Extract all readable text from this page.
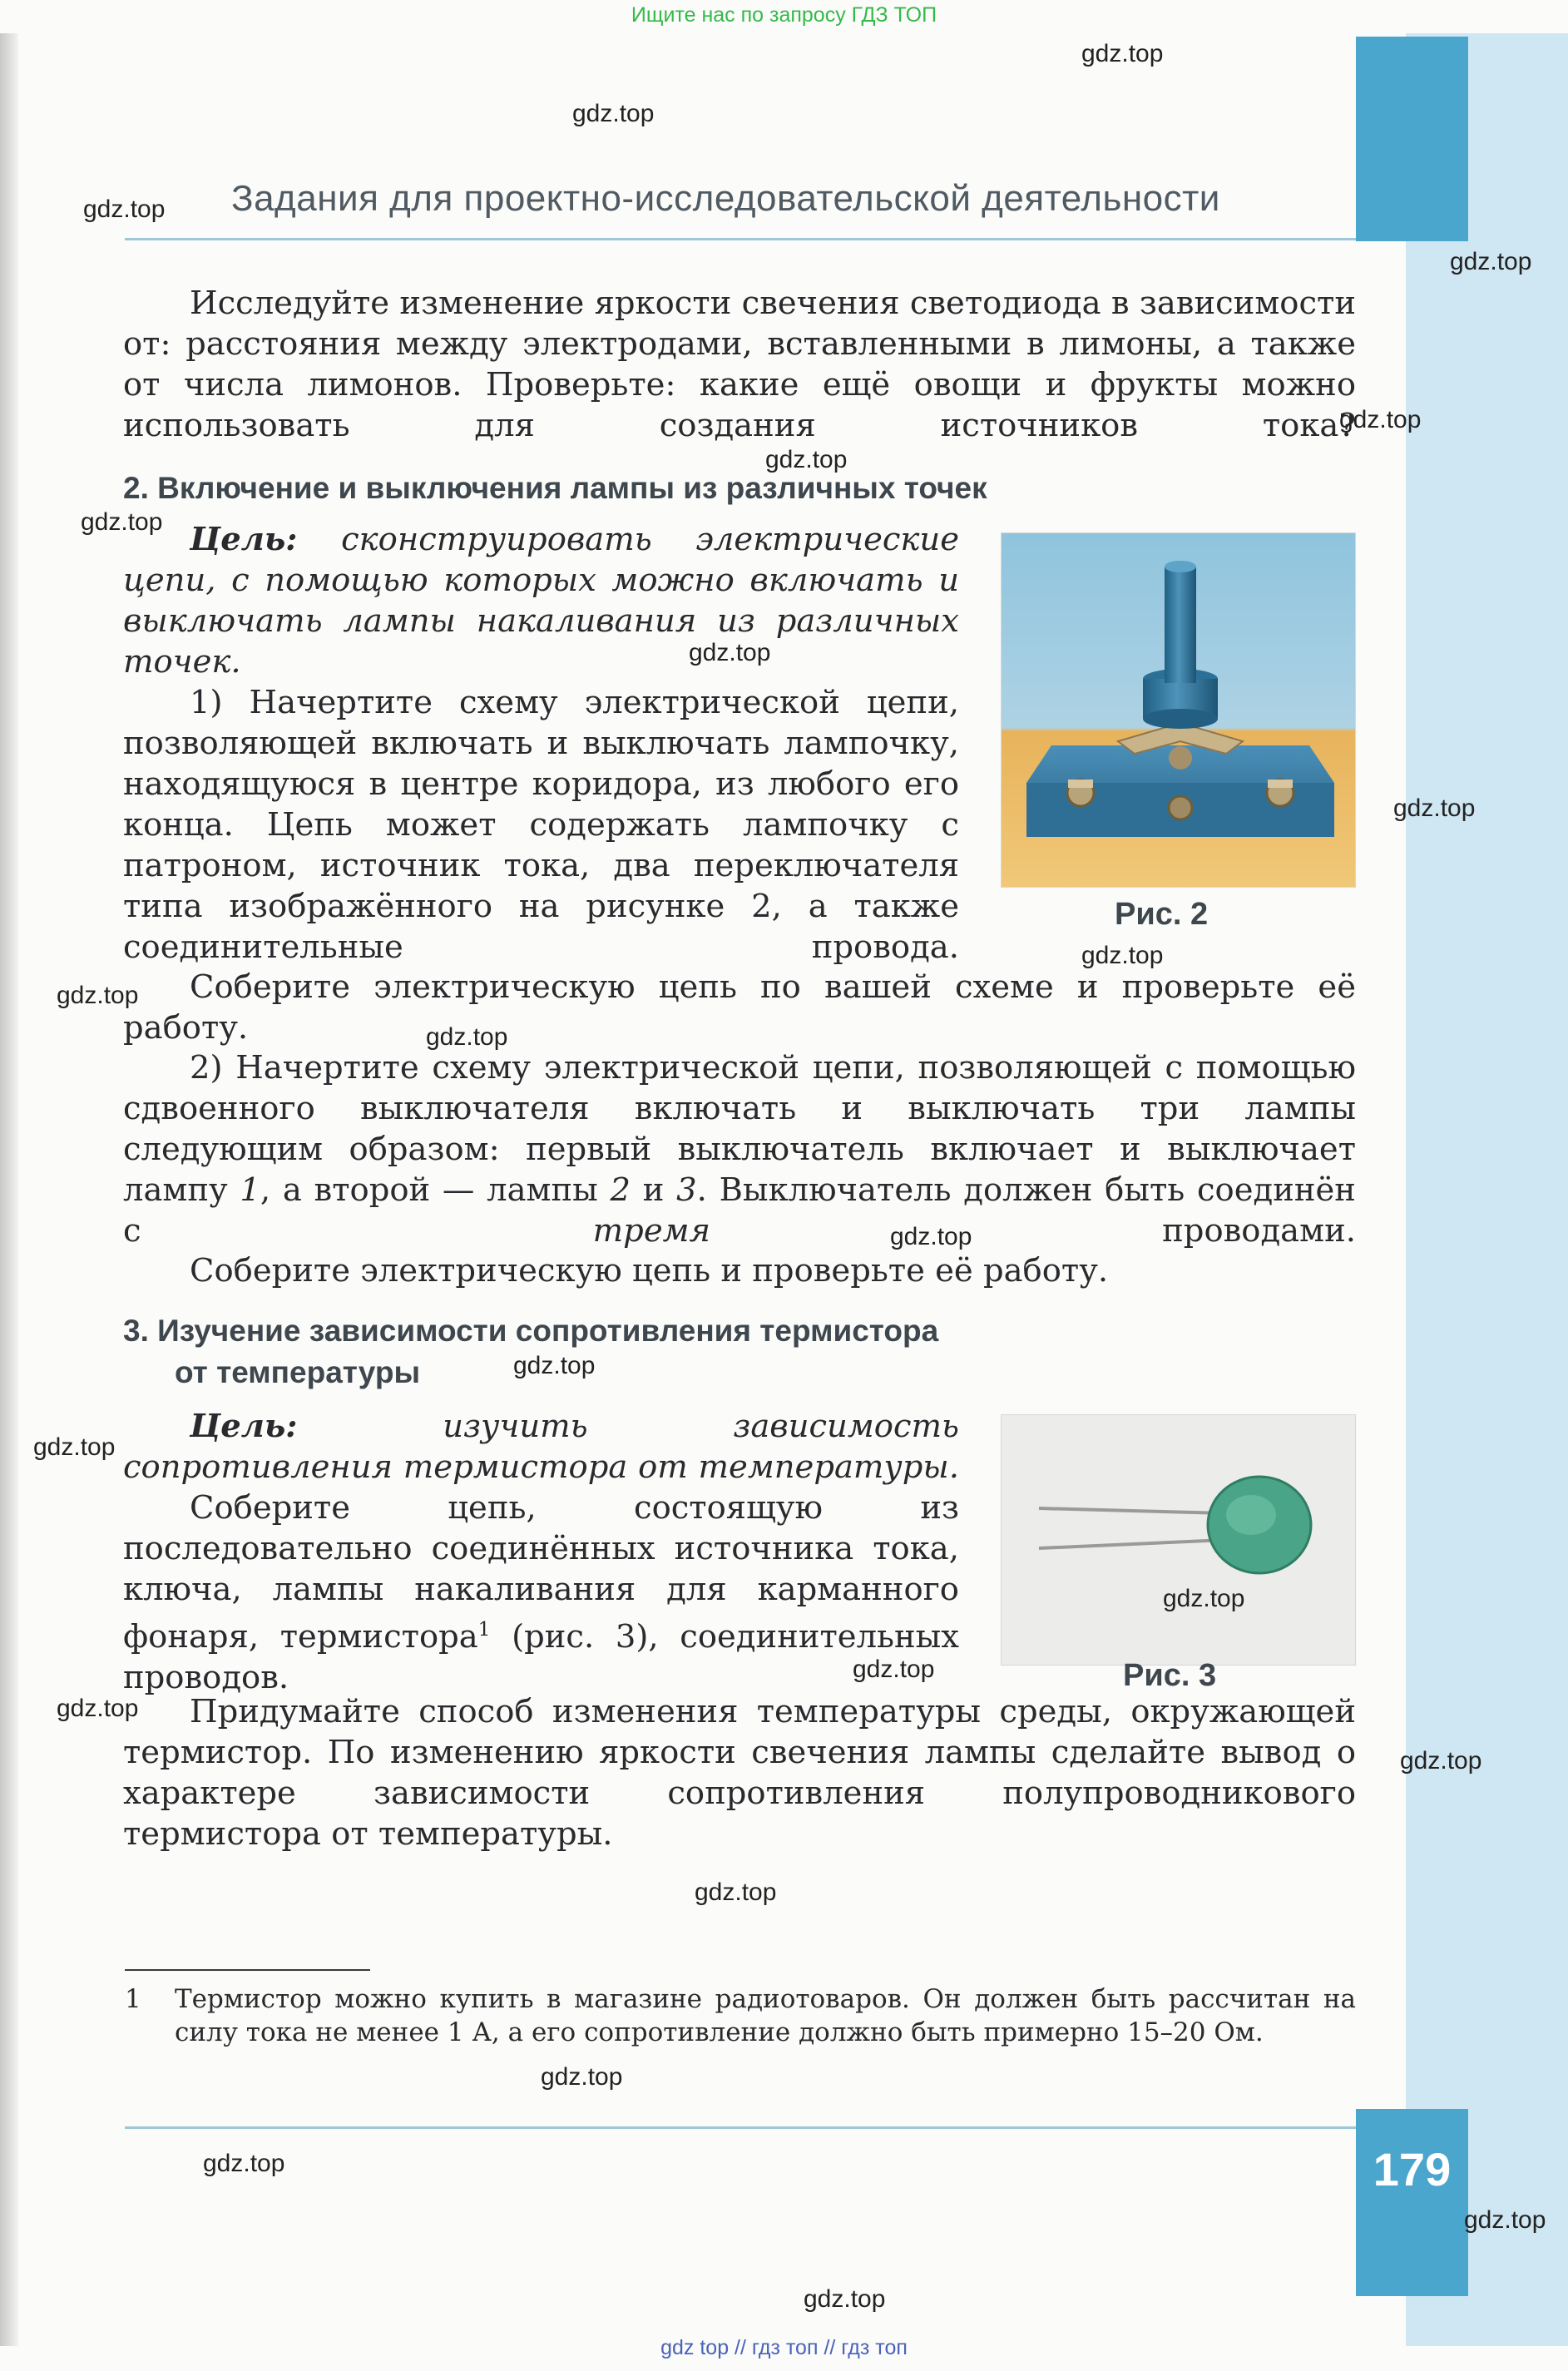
Ищите нас по запросу ГДЗ ТОП
gdz top // гдз топ // гдз топ
Задания для проектно-исследовательской деятельности
179
Исследуйте изменение яркости свечения светодиода в зависимости от: расстояния между электродами, вставленными в лимоны, а также от числа лимонов. Проверьте: какие ещё овощи и фрукты можно использовать для создания источников тока?
2. Включение и выключения лампы из различных точек
Цель: сконструировать электрические цепи, с помощью которых можно включать и выключать лампы накаливания из различных точек.
1) Начертите схему электрической цепи, позволяющей включать и выключать лампочку, находящуюся в центре коридора, из любого его конца. Цепь может содержать лампочку с патроном, источник тока, два переключателя типа изображённого на рисунке 2, а также соединительные провода.
Рис. 2
Соберите электрическую цепь по вашей схеме и проверьте её работу.
2) Начертите схему электрической цепи, позволяющей с помощью сдвоенного выключателя включать и выключать три лампы следующим образом: первый выключатель включает и выключает лампу 1, а второй — лампы 2 и 3. Выключатель должен быть соединён с	тремя	проводами.
Соберите электрическую цепь и проверьте её работу.
3. Изучение зависимости сопротивления термистора
от температуры
Цель:	изучить зависимость сопротивления термистора от температуры.
Соберите цепь, состоящую из последовательно соединённых источника тока, ключа, лампы накаливания для карманного фонаря, термистора$^1$ (рис. 3), соединительных проводов.	Рис. 3
Придумайте способ изменения температуры среды, окружающей термистор. По изменению яркости свечения лампы сделайте вывод о характере зависимости сопротивления полупроводникового термистора от температуры.
1	Термистор можно купить в магазине радиотоваров. Он должен быть рассчитан на силу тока не менее 1 А, а его сопротивление должно быть примерно 15–20 Ом.
gdz.top
gdz.top
gdz.top
gdz.top
gdz.top
gdz.top
gdz.top
gdz.top
gdz.top
gdz.top
gdz.top
gdz.top
gdz.top
gdz.top
gdz.top
gdz.top
gdz.top
gdz.top
gdz.top
gdz.top
gdz.top
gdz.top
gdz.top
gdz.top
